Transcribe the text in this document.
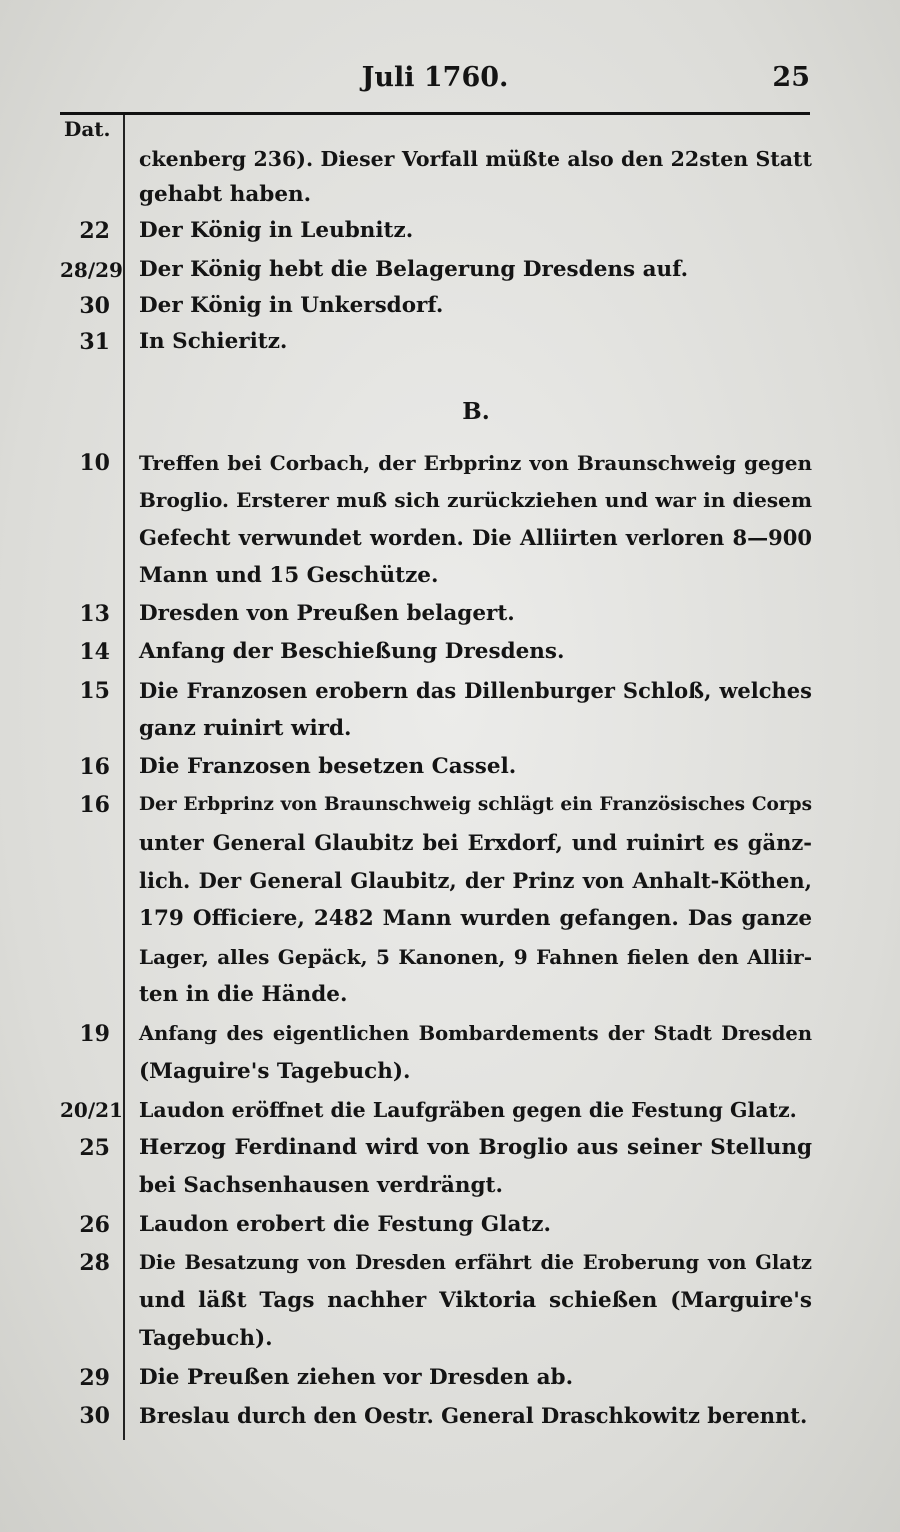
Juli 1760.	25
Dat.
B.
ckenberg 236). Dieser Vorfall müßte also den 22sten Statt
gehabt haben.
22 Der König in Leubnitz.
28/29 Der König hebt die Belagerung Dresdens auf.
30 Der König in Unkersdorf.
31 In Schieritz.
10 Treffen bei Corbach, der Erbprinz von Braunschweig gegen
Broglio. Ersterer muß sich zurückziehen und war in diesem
Gefecht verwundet worden. Die Alliirten verloren 8—900
Mann und 15 Geschütze.
13 Dresden von Preußen belagert.
14 Anfang der Beschießung Dresdens.
15 Die Franzosen erobern das Dillenburger Schloß, welches
ganz ruinirt wird.
16 Die Franzosen besetzen Cassel.
16 Der Erbprinz von Braunschweig schlägt ein Französisches Corps
unter General Glaubitz bei Erxdorf, und ruinirt es gänz-
lich. Der General Glaubitz, der Prinz von Anhalt-Köthen,
179 Officiere, 2482 Mann wurden gefangen. Das ganze
Lager, alles Gepäck, 5 Kanonen, 9 Fahnen fielen den Alliir-
ten in die Hände.
19 Anfang des eigentlichen Bombardements der Stadt Dresden
(Maguire's Tagebuch).
20/21 Laudon eröffnet die Laufgräben gegen die Festung Glatz.
25 Herzog Ferdinand wird von Broglio aus seiner Stellung
bei Sachsenhausen verdrängt.
26 Laudon erobert die Festung Glatz.
28 Die Besatzung von Dresden erfährt die Eroberung von Glatz
und läßt Tags nachher Viktoria schießen (Marguire's
Tagebuch).
29 Die Preußen ziehen vor Dresden ab.
30 Breslau durch den Oestr. General Draschkowitz berennt.
